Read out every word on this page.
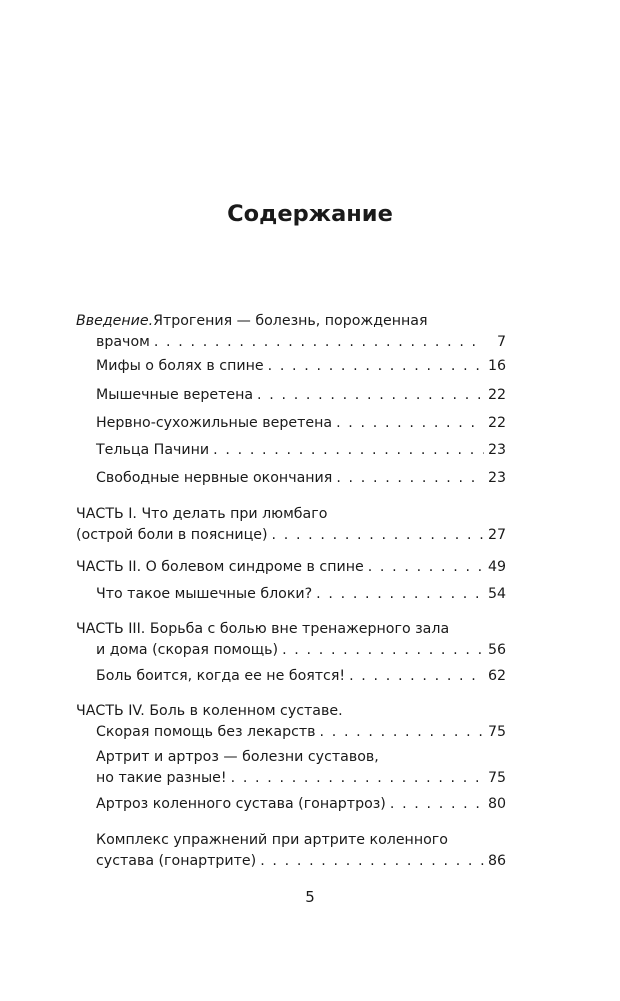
Содержание
Введение. Ятрогения — болезнь, порожденная
врачом . . .	7
Мифы о болях в спине . . .	16
Мышечные веретена . . .	22
Нервно-сухожильные веретена . . .	22
Тельца Пачини . . .	23
Свободные нервные окончания . . .	23
ЧАСТЬ I. Что делать при люмбаго
(острой боли в пояснице) . . .	27
ЧАСТЬ II. О болевом синдроме в спине . . .	49
Что такое мышечные блоки? . . .	54
ЧАСТЬ III. Борьба с болью вне тренажерного зала
и дома (скорая помощь) . . .	56
Боль боится, когда ее не боятся! . . .	62
ЧАСТЬ IV. Боль в коленном суставе.
Скорая помощь без лекарств . . .	75
Артрит и артроз — болезни суставов,
но такие разные! . . .	75
Артроз коленного сустава (гонартроз) . . .	80
Комплекс упражнений при артрите коленного
сустава (гонартрите) . . .	86
5
